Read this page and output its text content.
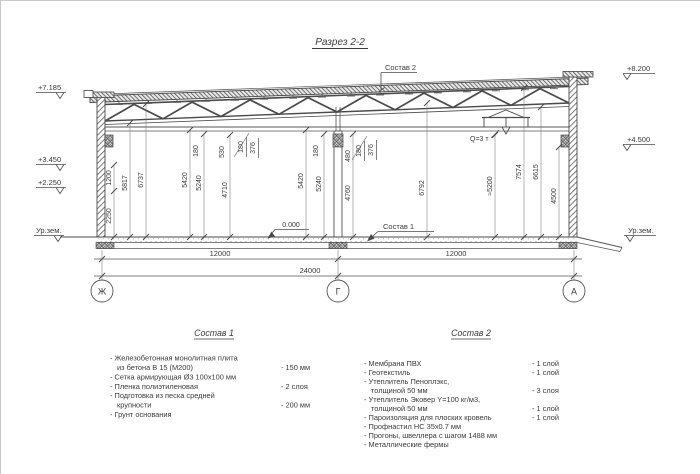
Разрез 2-2
Q=3 т
Состав 2
Состав 1
0.000
+7.185
+3.450
+2.250
Ур.зем.
+8.200
+4.500
Ур.зем.
2250
1200 5817 6737	5420 5240
180	530 180 376
4710
5420 5240
180	480 180 376
4760	6792	≈5200
7574 6615
4500
12000	12000
24000
Ж	Г	А
Состав 1
- Железобетонная монолитная плита
из бетона В 15 (М200)	- 150 мм
- Сетка армирующая Ø3 100х100 мм
- Пленка полиэтиленовая	- 2 слоя
- Подготовка из песка средней
крупности	- 200 мм
- Грунт основания
Состав 2
- Мембрана ПВХ	- 1 слой
- Геотекстиль	- 1 слой
- Утеплитель Пеноплэкс,
толщиной 50 мм	- 3 слоя
- Утеплитель Эковер Y=100 кг/м3,
толщиной 50 мм	- 1 слой
- Пароизоляция для плоских кровель	- 1 слой
- Профнастил НС 35х0.7 мм
- Прогоны, швеллера с шагом 1488 мм
- Металлические фермы
